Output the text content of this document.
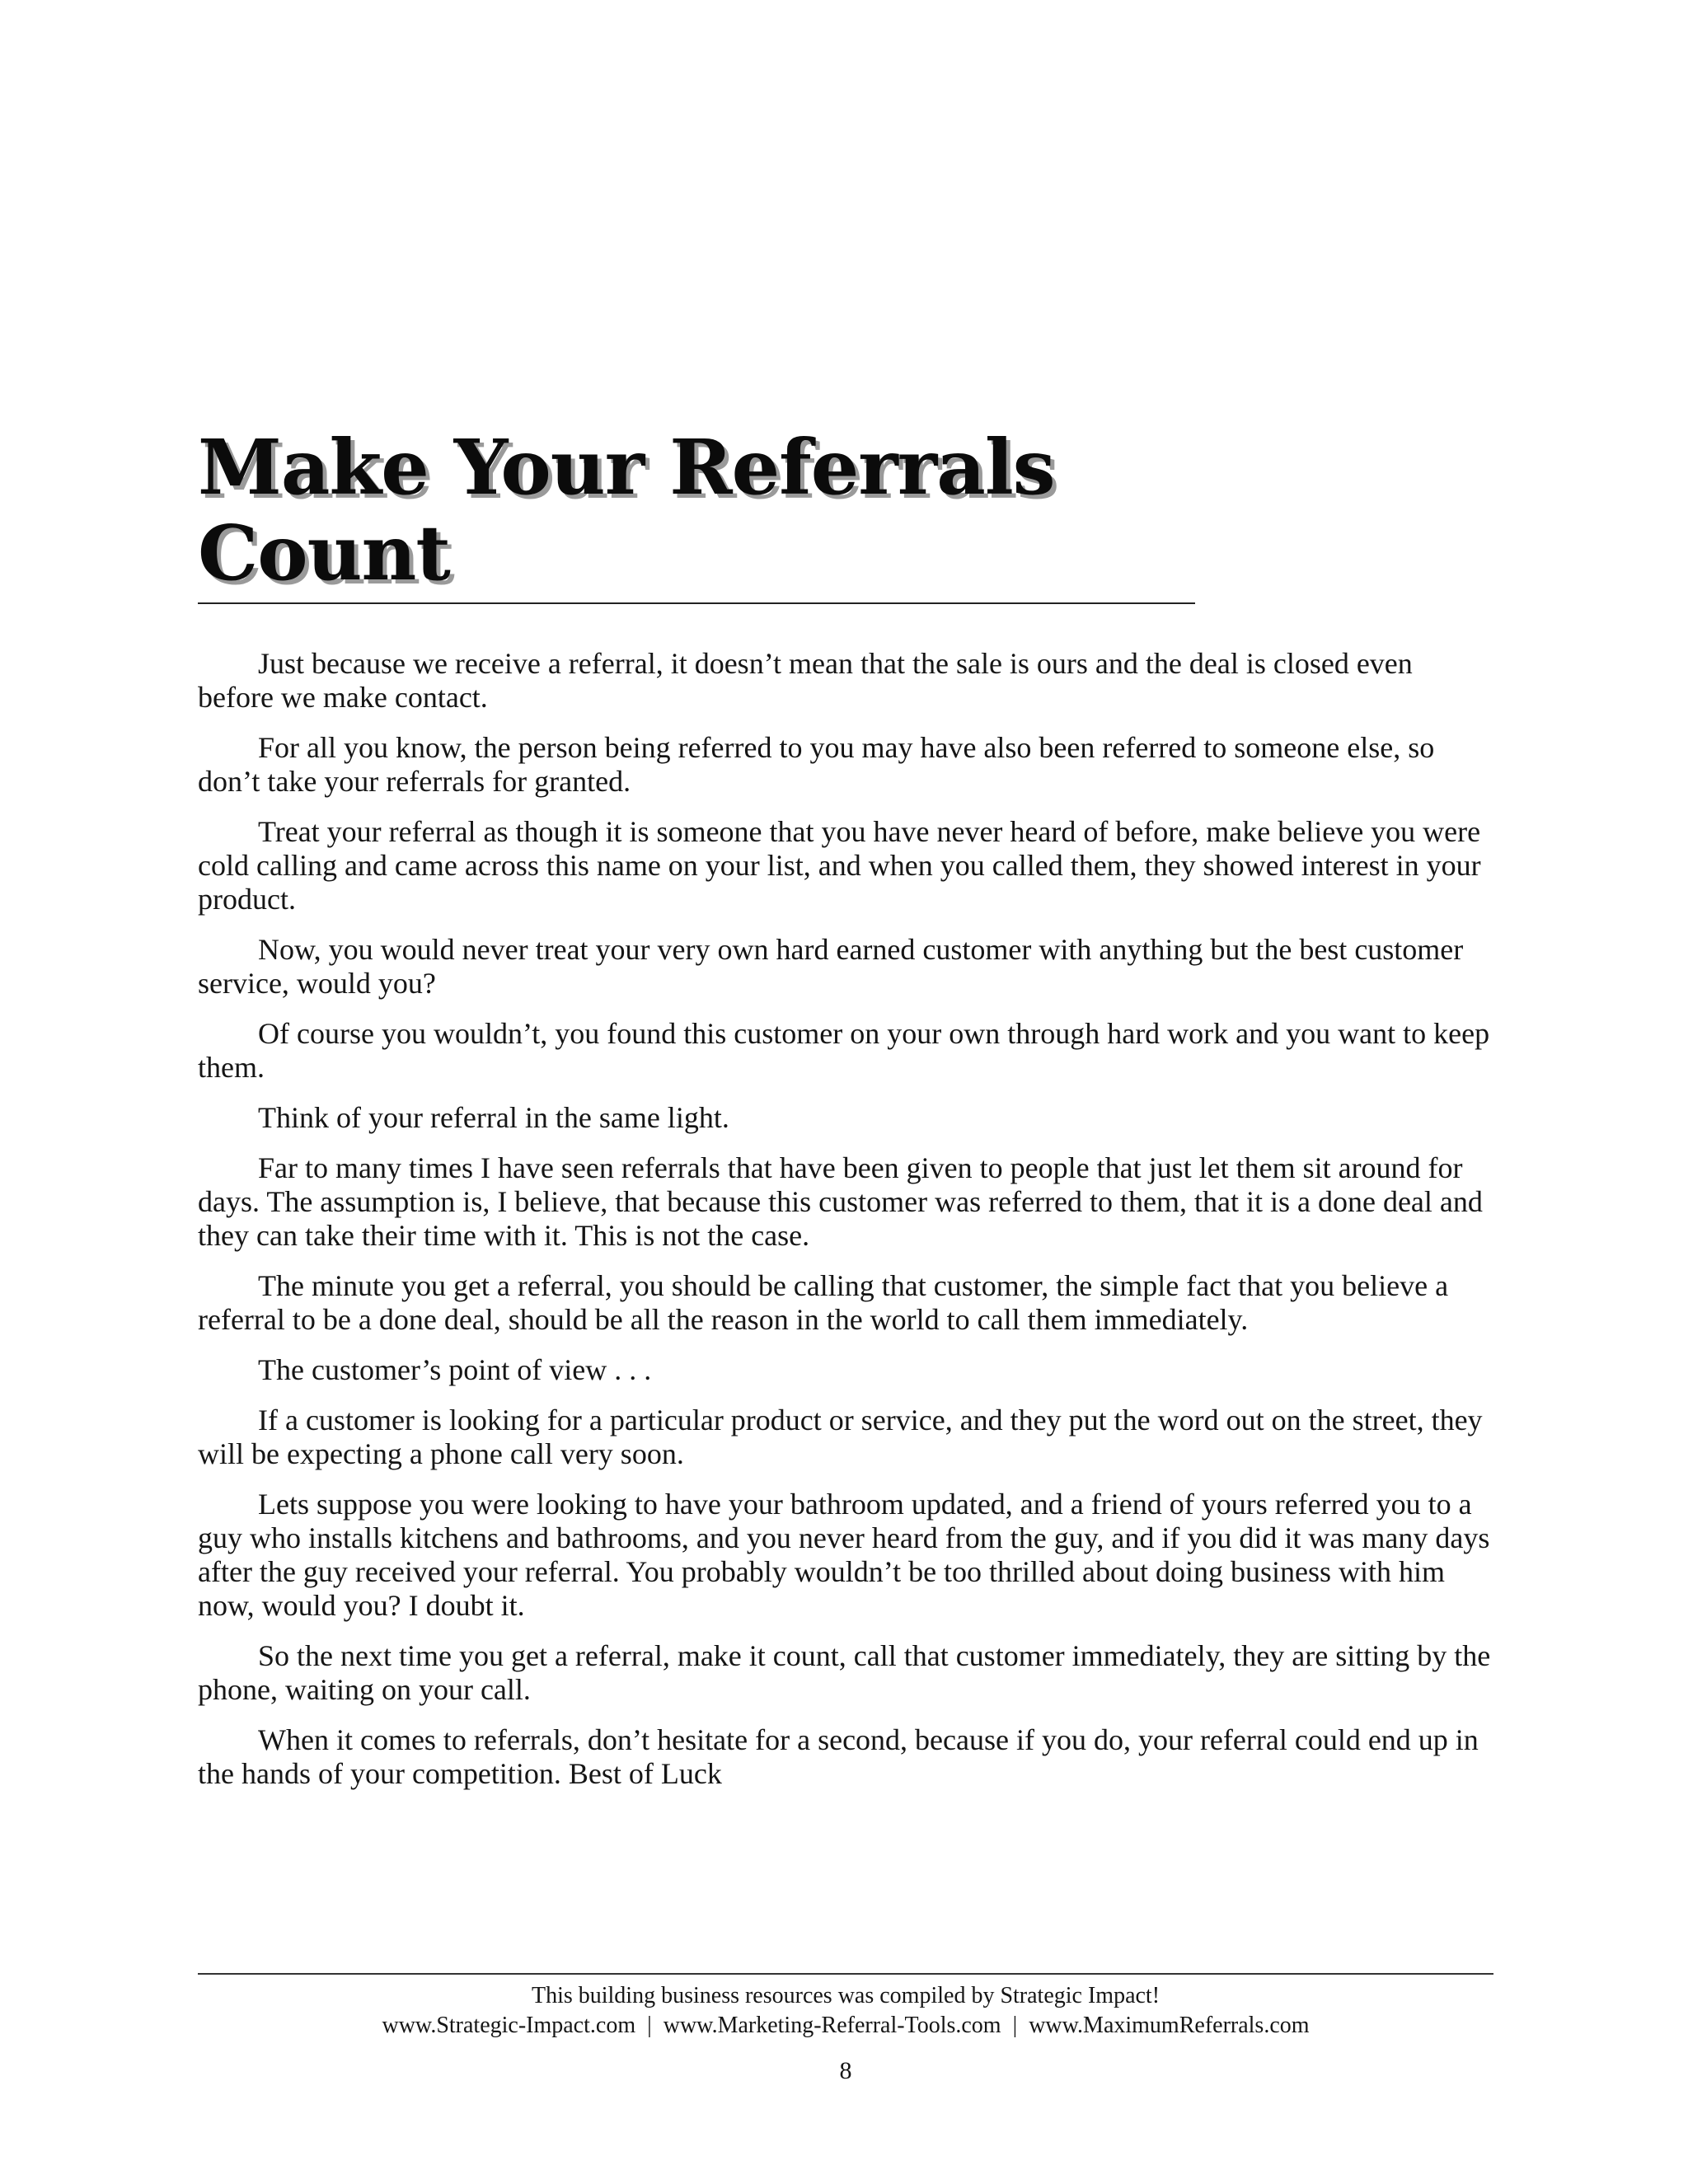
Make Your Referrals
Count

Just because we receive a referral, it doesn’t mean that the sale is ours and the deal is closed even before we make contact.

For all you know, the person being referred to you may have also been referred to someone else, so don’t take your referrals for granted.

Treat your referral as though it is someone that you have never heard of before, make believe you were cold calling and came across this name on your list, and when you called them, they showed interest in your product.

Now, you would never treat your very own hard earned customer with anything but the best customer service, would you?

Of course you wouldn’t, you found this customer on your own through hard work and you want to keep them.

Think of your referral in the same light.

Far to many times I have seen referrals that have been given to people that just let them sit around for days. The assumption is, I believe, that because this customer was referred to them, that it is a done deal and they can take their time with it. This is not the case.

The minute you get a referral, you should be calling that customer, the simple fact that you believe a referral to be a done deal, should be all the reason in the world to call them immediately.

The customer’s point of view . . .

If a customer is looking for a particular product or service, and they put the word out on the street, they will be expecting a phone call very soon.

Lets suppose you were looking to have your bathroom updated, and a friend of yours referred you to a guy who installs kitchens and bathrooms, and you never heard from the guy, and if you did it was many days after the guy received your referral. You probably wouldn’t be too thrilled about doing business with him now, would you? I doubt it.

So the next time you get a referral, make it count, call that customer immediately, they are sitting by the phone, waiting on your call.

When it comes to referrals, don’t hesitate for a second, because if you do, your referral could end up in the hands of your competition. Best of Luck

This building business resources was compiled by Strategic Impact!
www.Strategic-Impact.com | www.Marketing-Referral-Tools.com | www.MaximumReferrals.com
8
